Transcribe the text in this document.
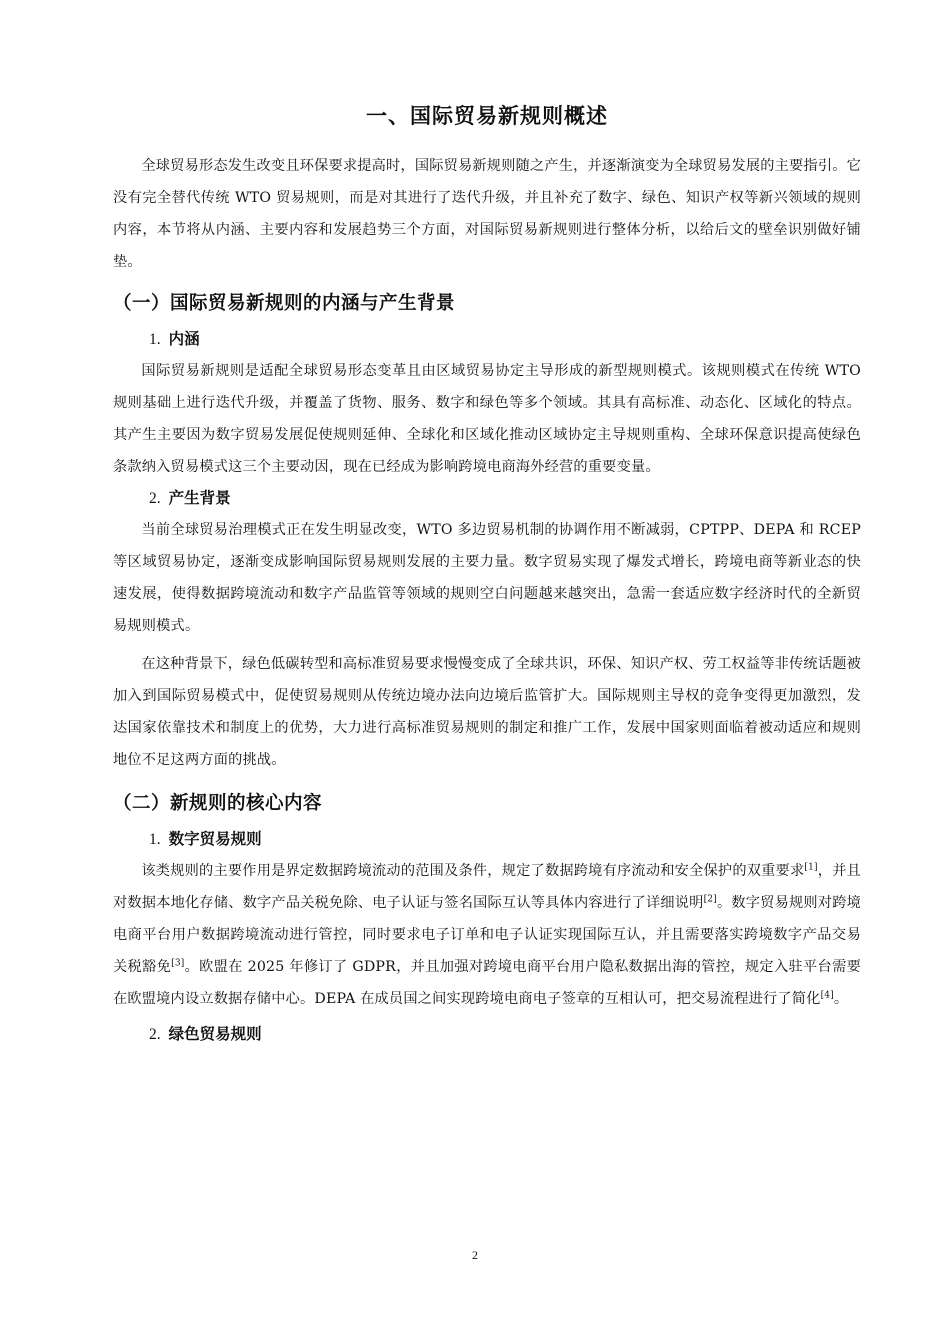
一、国际贸易新规则概述

全球贸易形态发生改变且环保要求提高时，国际贸易新规则随之产生，并逐渐演变为全球贸易发展的主要指引。它没有完全替代传统 WTO 贸易规则，而是对其进行了迭代升级，并且补充了数字、绿色、知识产权等新兴领域的规则内容，本节将从内涵、主要内容和发展趋势三个方面，对国际贸易新规则进行整体分析，以给后文的壁垒识别做好铺垫。

（一）国际贸易新规则的内涵与产生背景
1. 内涵

国际贸易新规则是适配全球贸易形态变革且由区域贸易协定主导形成的新型规则模式。该规则模式在传统 WTO 规则基础上进行迭代升级，并覆盖了货物、服务、数字和绿色等多个领域。其具有高标准、动态化、区域化的特点。其产生主要因为数字贸易发展促使规则延伸、全球化和区域化推动区域协定主导规则重构、全球环保意识提高使绿色条款纳入贸易模式这三个主要动因，现在已经成为影响跨境电商海外经营的重要变量。

2. 产生背景

当前全球贸易治理模式正在发生明显改变，WTO 多边贸易机制的协调作用不断减弱，CPTPP、DEPA 和 RCEP 等区域贸易协定，逐渐变成影响国际贸易规则发展的主要力量。数字贸易实现了爆发式增长，跨境电商等新业态的快速发展，使得数据跨境流动和数字产品监管等领域的规则空白问题越来越突出，急需一套适应数字经济时代的全新贸易规则模式。

在这种背景下，绿色低碳转型和高标准贸易要求慢慢变成了全球共识，环保、知识产权、劳工权益等非传统话题被加入到国际贸易模式中，促使贸易规则从传统边境办法向边境后监管扩大。国际规则主导权的竞争变得更加激烈，发达国家依靠技术和制度上的优势，大力进行高标准贸易规则的制定和推广工作，发展中国家则面临着被动适应和规则地位不足这两方面的挑战。

（二）新规则的核心内容
1. 数字贸易规则

该类规则的主要作用是界定数据跨境流动的范围及条件，规定了数据跨境有序流动和安全保护的双重要求[1]，并且对数据本地化存储、数字产品关税免除、电子认证与签名国际互认等具体内容进行了详细说明[2]。数字贸易规则对跨境电商平台用户数据跨境流动进行管控，同时要求电子订单和电子认证实现国际互认，并且需要落实跨境数字产品交易关税豁免[3]。欧盟在 2025 年修订了 GDPR，并且加强对跨境电商平台用户隐私数据出海的管控，规定入驻平台需要在欧盟境内设立数据存储中心。DEPA 在成员国之间实现跨境电商电子签章的互相认可，把交易流程进行了简化[4]。

2. 绿色贸易规则
2
